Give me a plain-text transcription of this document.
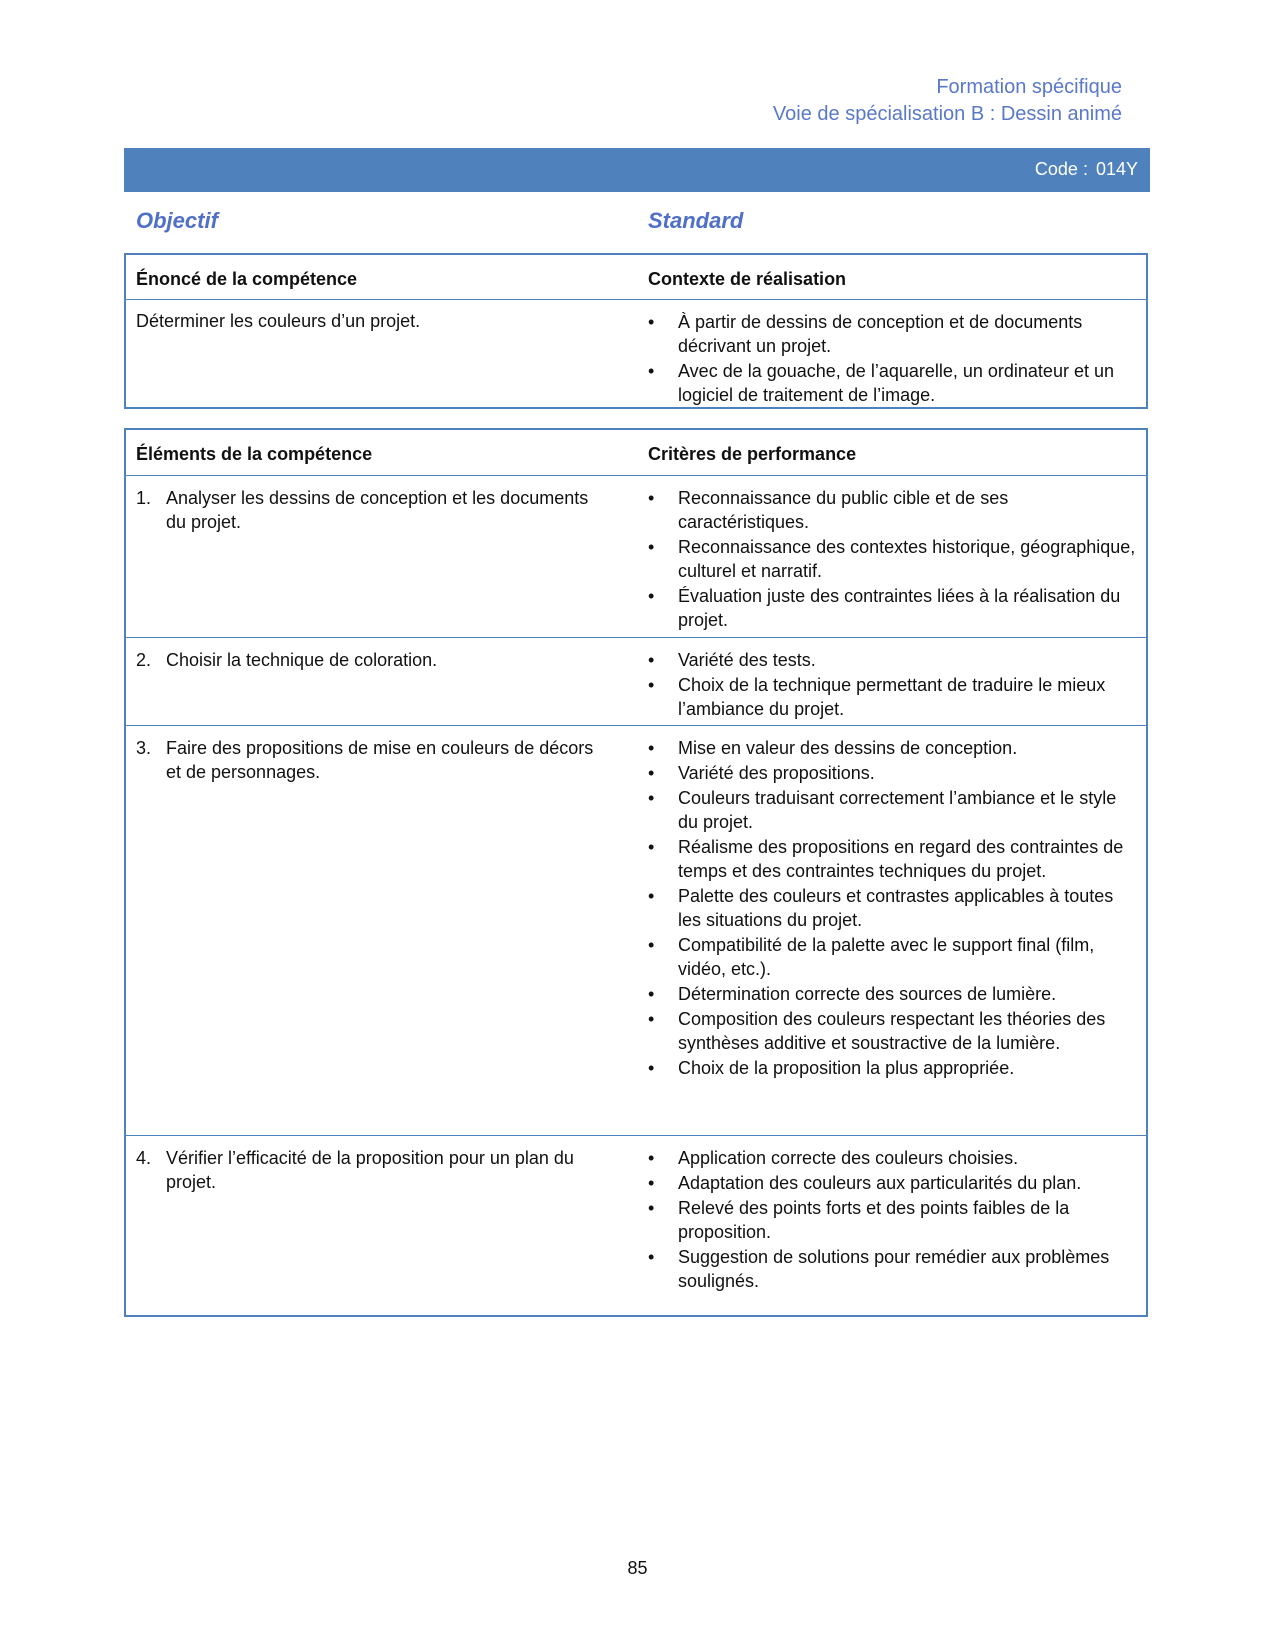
Formation spécifique
Voie de spécialisation B : Dessin animé
Code : 014Y
Objectif	Standard
Énoncé de la compétence	Contexte de réalisation
Déterminer les couleurs d’un projet.	•	À partir de dessins de conception et de documents décrivant un projet.
•	Avec de la gouache, de l’aquarelle, un ordinateur et un logiciel de traitement de l’image.
Éléments de la compétence	Critères de performance
1. Analyser les dessins de conception et les documents du projet.
•	Reconnaissance du public cible et de ses caractéristiques.
•	Reconnaissance des contextes historique, géographique, culturel et narratif.
•	Évaluation juste des contraintes liées à la réalisation du projet.
2. Choisir la technique de coloration.	•	Variété des tests.
•	Choix de la technique permettant de traduire le mieux l’ambiance du projet.
3. Faire des propositions de mise en couleurs de décors et de personnages.
•	Mise en valeur des dessins de conception.
•	Variété des propositions.
•	Couleurs traduisant correctement l’ambiance et le style du projet.
•	Réalisme des propositions en regard des contraintes de temps et des contraintes techniques du projet.
•	Palette des couleurs et contrastes applicables à toutes les situations du projet.
•	Compatibilité de la palette avec le support final (film, vidéo, etc.).
•	Détermination correcte des sources de lumière.
•	Composition des couleurs respectant les théories des synthèses additive et soustractive de la lumière.
•	Choix de la proposition la plus appropriée.
4. Vérifier l’efficacité de la proposition pour un plan du projet.
•	Application correcte des couleurs choisies.
•	Adaptation des couleurs aux particularités du plan.
•	Relevé des points forts et des points faibles de la proposition.
•	Suggestion de solutions pour remédier aux problèmes soulignés.
85
